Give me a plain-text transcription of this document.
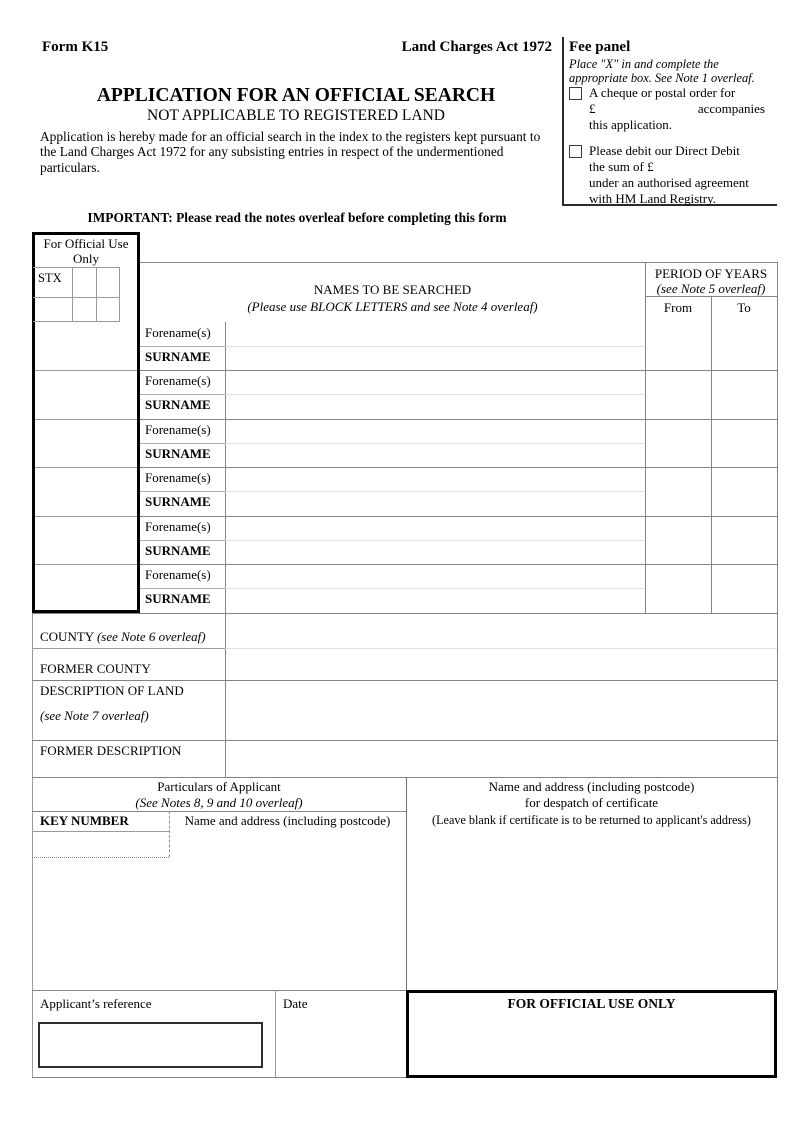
Form K15	Land Charges Act 1972
APPLICATION FOR AN OFFICIAL SEARCH
NOT APPLICABLE TO REGISTERED LAND
Application is hereby made for an official search in the index to the registers kept pursuant to the Land Charges Act 1972 for any subsisting entries in respect of the undermentioned particulars.
IMPORTANT: Please read the notes overleaf before completing this form
Fee panel
Place "X" in and complete the appropriate box. See Note 1 overleaf.
A cheque or postal order for
£	accompanies
this application.
Please debit our Direct Debit
the sum of £
under an authorised agreement
with HM Land Registry.
For Official Use
Only
STX
NAMES TO BE SEARCHED
(Please use BLOCK LETTERS and see Note 4 overleaf)
PERIOD OF YEARS
(see Note 5 overleaf)
From	To
Forename(s)
SURNAME
Forename(s)
SURNAME
Forename(s)
SURNAME
Forename(s)
SURNAME
Forename(s)
SURNAME
Forename(s)
SURNAME
COUNTY (see Note 6 overleaf)
FORMER COUNTY
DESCRIPTION OF LAND
(see Note 7 overleaf)
FORMER DESCRIPTION
Particulars of Applicant
(See Notes 8, 9 and 10 overleaf)
KEY NUMBER	Name and address (including postcode)
Name and address (including postcode)
for despatch of certificate
(Leave blank if certificate is to be returned to applicant's address)
Applicant’s reference	Date	FOR OFFICIAL USE ONLY
